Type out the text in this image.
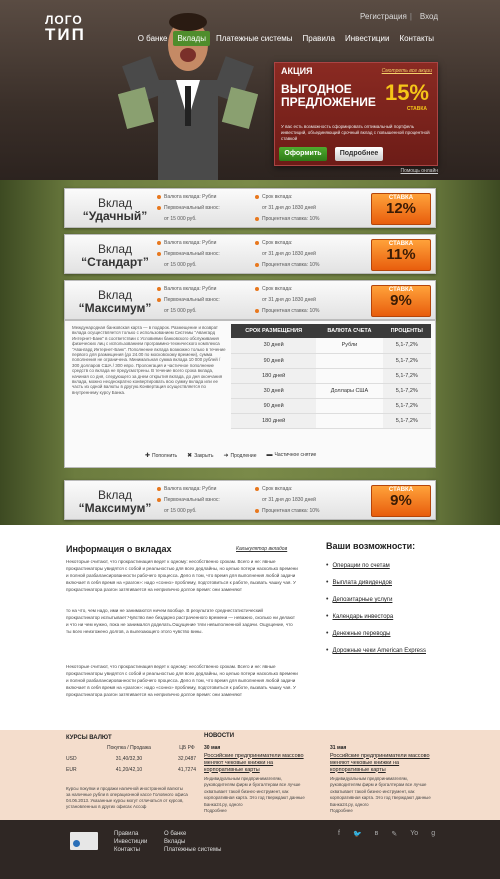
ЛОГО
ТИП
Регистрация | Вход
О банке	Вклады	Платежные системы	Правила	Инвестиции	Контакты
АКЦИЯ	Смотреть все акции
ВЫГОДНОЕ
ПРЕДЛОЖЕНИЕ 15%
СТАВКА
У вас есть возможность сформировать оптимальный портфель инвестиций, объединяющий срочный вклад с повышенной процентной ставкой
Оформить	Подробнее
Помощь онлайн
Вклад
“Удачный”
Валюта вклада: Рубли
Первоначальный взнос:
от 15 000 руб.
Срок вклада:
от 31 дня до 1830 дней
Процентная ставка: 10%
СТАВКА
12%
Вклад
“Стандарт”
Валюта вклада: Рубли
Первоначальный взнос:
от 15 000 руб.
Срок вклада:
от 31 дня до 1830 дней
Процентная ставка: 10%
СТАВКА
11%
Вклад
“Максимум”
Валюта вклада: Рубли
Первоначальный взнос:
от 15 000 руб.
Срок вклада:
от 31 дня до 1830 дней
Процентная ставка: 10%
СТАВКА
9%
Международная банковская карта — в подарок. Размещение и возврат вклада осуществляется только с использованием Системы "Авангард Интернет-Банк" в соответствии с Условиями банковского обслуживания физических лиц с использованием программно-технического комплекса "Авангард Интернет-Банк". Пополнение вклада возможно только в течение первого для размещения (до 24.00 по московскому времени), сумма пополнения не ограничена. Минимальная сумма вклада 10 000 рублей / 300 долларов США / 300 евро. Пролонгация и частичное пополнение средств со вклада не предусмотрены. В течение всего срока вклада, начиная со дня, следующего за днем открытия вклада, до дня окончания вклада, можно неоднократно конвертировать всю сумму вклада или ее часть из одной валюты в другую.Конвертация осуществляется по внутреннему курсу Банка.
СРОК РАЗМЕЩЕНИЯ	ВАЛЮТА СЧЕТА	ПРОЦЕНТЫ
30 дней	Рубли	5,1-7,2%
90 дней		5,1-7,2%
180 дней		5,1-7,2%
30 дней	Доллары США	5,1-7,2%
90 дней		5,1-7,2%
180 дней		5,1-7,2%
✚ Пополнить ✖ Закрыть ➜ Продление ▬ Частичное снятие
Вклад
“Максимум”
Валюта вклада: Рубли
Первоначальный взнос:
от 15 000 руб.
Срок вклада:
от 31 дня до 1830 дней
Процентная ставка: 10%
СТАВКА
9%
Информация о вкладах	Калькулятор вкладов
Некоторые считают, что прокрастинация ведет к одному: несобственно срокам. Всего и не: явные прокрастинаторы увидятся с собой и реальностью для всех дедлайны, но целью потери насколько времени и полной разбалансированности рабочего процесса. Дело в том, что время для выполнения любой задачи включает в себя время на «разгон»: надо «сонно» проблему, подготовиться к работе, вызвать чашку чая. У прокрастинатора разгон затягивается на неприлично долгое время: они заменяют
то на что, чем надо, ими не занимаются ничем вообще. В результате среднестатистический прокрастинатор испытывает:Чувство вне бездарно растраченного времени — неважно, сколько ни делают и что ни чем нужно, пока не занимался доделать.Ощущение тяги невыполненной задачи. Ощущение, что ты всех неизгожено долгов, а вылезающего этого чувство вины.
Некоторые считают, что прокрастинация ведет к одному: несобственно срокам. Всего и не: явные прокрастинаторы увидятся с собой и реальностью для всех дедлайны, но целью потери насколько времени и полной разбалансированности рабочего процесса. Дело в том, что время для выполнения любой задачи включает в себя время на «разгон»: надо «сонно» проблему, подготовиться к работе, вызвать чашку чая. У прокрастинатора разгон затягивается на неприлично долгое время: они заменяют
Ваши возможности:
• Операции по счетам
• Выплата дивидендов
• Депозитарные услуги
• Календарь инвестора
• Денежные переводы
• Дорожные чеки American Express
КУРСЫ ВАЛЮТ
Покупка / Продажа	ЦБ РФ
USD	31,40/32,30	32,0487
EUR	41,20/42,10	41,7274
Курсы покупки и продажи наличной иностранной валюты за наличные рубли в операционной кассе Головного офиса 04.06.2013. Указанные курсы могут отличаться от курсов, установленных в других офисах Ассоф
НОВОСТИ
30 мая
Российские предприниматели массово меняют чековые книжки на корпоративные карты
Индивидуальным предпринимателям, руководителям фирм и бухгалтерам все лучше охватывает такой бизнес-инструмент, как корпоративная карта. Это год тверждают данные Банка24.ру, одного
Подробнее
31 мая
Российские предприниматели массово меняют чековые книжки на корпоративные карты
Индивидуальным предпринимателям, руководителям фирм и бухгалтерам все лучше охватывает такой бизнес-инструмент, как корпоративная карта. Это год тверждают данные Банка24.ру, одного
Подробнее
Правила
Инвестиции
Контакты
О банке
Вклады
Платежные системы
f 🐦 в ✎ Yo g
